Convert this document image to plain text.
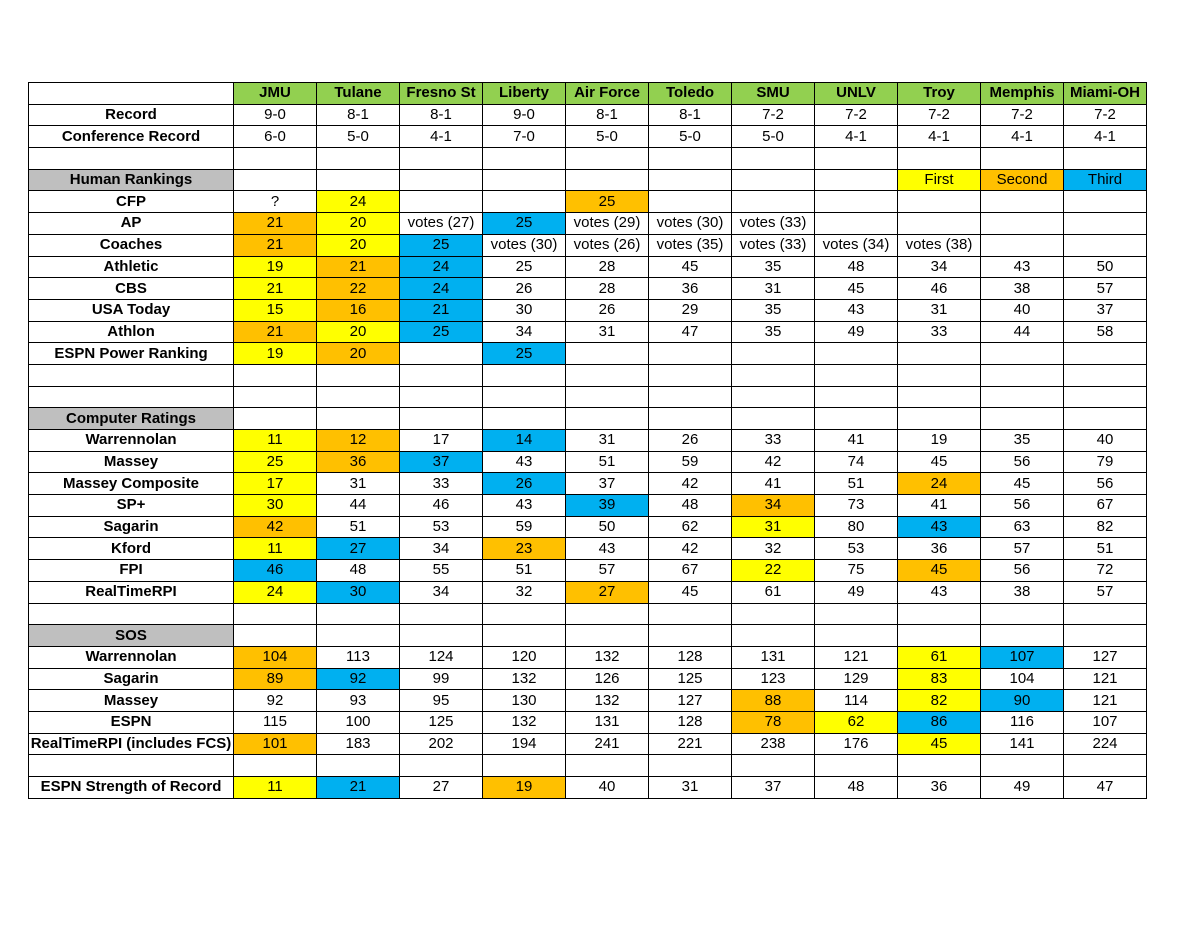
	JMU	Tulane	Fresno St	Liberty	Air Force	Toledo	SMU	UNLV	Troy	Memphis	Miami-OH
Record	9-0	8-1	8-1	9-0	8-1	8-1	7-2	7-2	7-2	7-2	7-2
Conference Record	6-0	5-0	4-1	7-0	5-0	5-0	5-0	4-1	4-1	4-1	4-1

Human Rankings									First	Second	Third
CFP	?	24			25						
AP	21	20	votes (27)	25	votes (29)	votes (30)	votes (33)				
Coaches	21	20	25	votes (30)	votes (26)	votes (35)	votes (33)	votes (34)	votes (38)		
Athletic	19	21	24	25	28	45	35	48	34	43	50
CBS	21	22	24	26	28	36	31	45	46	38	57
USA Today	15	16	21	30	26	29	35	43	31	40	37
Athlon	21	20	25	34	31	47	35	49	33	44	58
ESPN Power Ranking	19	20		25							

Computer Ratings											
Warrennolan	11	12	17	14	31	26	33	41	19	35	40
Massey	25	36	37	43	51	59	42	74	45	56	79
Massey Composite	17	31	33	26	37	42	41	51	24	45	56
SP+	30	44	46	43	39	48	34	73	41	56	67
Sagarin	42	51	53	59	50	62	31	80	43	63	82
Kford	11	27	34	23	43	42	32	53	36	57	51
FPI	46	48	55	51	57	67	22	75	45	56	72
RealTimeRPI	24	30	34	32	27	45	61	49	43	38	57

SOS											
Warrennolan	104	113	124	120	132	128	131	121	61	107	127
Sagarin	89	92	99	132	126	125	123	129	83	104	121
Massey	92	93	95	130	132	127	88	114	82	90	121
ESPN	115	100	125	132	131	128	78	62	86	116	107
RealTimeRPI (includes FCS)	101	183	202	194	241	221	238	176	45	141	224

ESPN Strength of Record	11	21	27	19	40	31	37	48	36	49	47
